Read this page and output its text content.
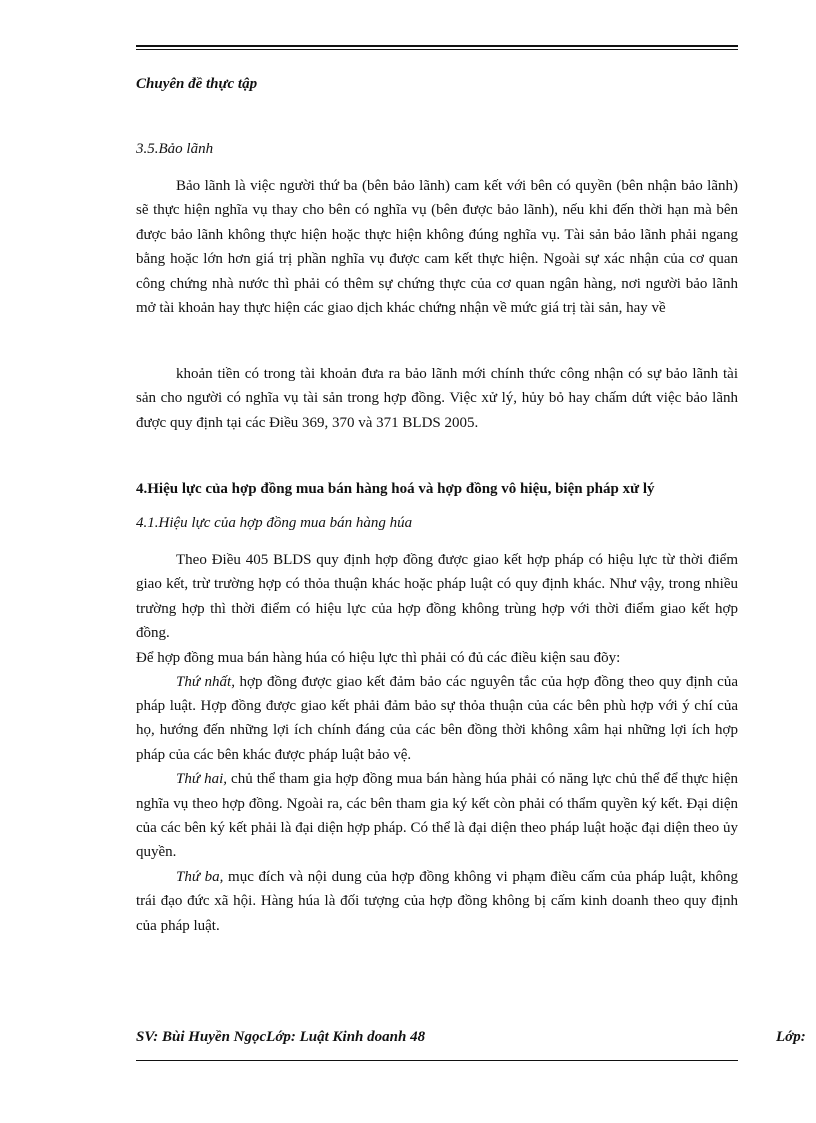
Chuyên đề thực tập

3.5.Bảo lãnh

Bảo lãnh là việc người thứ ba (bên bảo lãnh) cam kết với bên có quyền (bên nhận bảo lãnh) sẽ thực hiện nghĩa vụ thay cho bên có nghĩa vụ (bên được bảo lãnh), nếu khi đến thời hạn mà bên được bảo lãnh không thực hiện hoặc thực hiện không đúng nghĩa vụ. Tài sản bảo lãnh phải ngang bằng hoặc lớn hơn giá trị phần nghĩa vụ được cam kết thực hiện. Ngoài sự xác nhận của cơ quan công chứng nhà nước thì phải có thêm sự chứng thực của cơ quan ngân hàng, nơi người bảo lãnh mở tài khoản hay thực hiện các giao dịch khác chứng nhận về mức giá trị tài sản, hay về

khoản tiền có trong tài khoản đưa ra bảo lãnh mới chính thức công nhận có sự bảo lãnh tài sản cho người có nghĩa vụ tài sản trong hợp đồng. Việc xử lý, hủy bỏ hay chấm dứt việc bảo lãnh được quy định tại các Điều 369, 370 và 371 BLDS 2005.

4.Hiệu lực của hợp đồng mua bán hàng hoá và hợp đồng vô hiệu, biện pháp xử lý

4.1.Hiệu lực của hợp đồng mua bán hàng húa

Theo Điều 405 BLDS quy định hợp đồng được giao kết hợp pháp có hiệu lực từ thời điểm giao kết, trừ trường hợp có thỏa thuận khác hoặc pháp luật có quy định khác. Như vậy, trong nhiều trường hợp thì thời điểm có hiệu lực của hợp đồng không trùng hợp với thời điểm giao kết hợp đồng.

Để hợp đồng mua bán hàng húa có hiệu lực thì phải có đủ các điều kiện sau đõy:

Thứ nhất, hợp đồng được giao kết đảm bảo các nguyên tắc của hợp đồng theo quy định của pháp luật. Hợp đồng được giao kết phải đảm bảo sự thỏa thuận của các bên phù hợp với ý chí của họ, hướng đến những lợi ích chính đáng của các bên đồng thời không xâm hại những lợi ích hợp pháp của các bên khác được pháp luật bảo vệ.

Thứ hai, chủ thể tham gia hợp đồng mua bán hàng húa phải có năng lực chủ thể để thực hiện nghĩa vụ theo hợp đồng. Ngoài ra, các bên tham gia ký kết còn phải có thẩm quyền ký kết. Đại diện của các bên ký kết phải là đại diện hợp pháp. Có thể là đại diện theo pháp luật hoặc đại diện theo ủy quyền.

Thứ ba, mục đích và nội dung của hợp đồng không vi phạm điều cấm của pháp luật, không trái đạo đức xã hội. Hàng húa là đối tượng của hợp đồng không bị cấm kinh doanh theo quy định của pháp luật.

SV: Bùi Huyền NgọcLớp: Luật Kinh doanh 48	Lớp:
